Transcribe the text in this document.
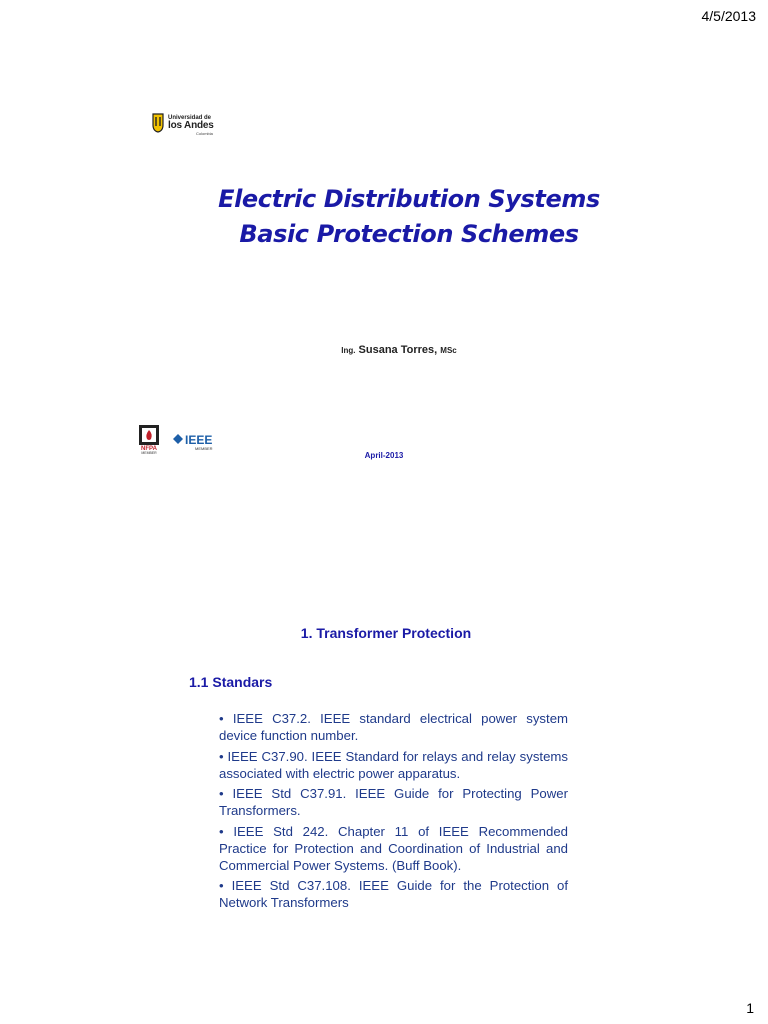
4/5/2013
Universidad de
los Andes
Colombia
Electric Distribution Systems
Basic Protection Schemes
Ing. Susana Torres, MSc
NFPA
MEMBER
IEEE
MEMBER
April-2013
1. Transformer Protection
1.1 Standars
• IEEE C37.2. IEEE standard electrical power system device function number.
• IEEE C37.90. IEEE Standard for relays and relay systems associated with electric power apparatus.
• IEEE Std C37.91. IEEE Guide for Protecting Power Transformers.
• IEEE Std 242. Chapter 11 of IEEE Recommended Practice for Protection and Coordination of Industrial and Commercial Power Systems. (Buff Book).
• IEEE Std C37.108. IEEE Guide for the Protection of Network Transformers
1
